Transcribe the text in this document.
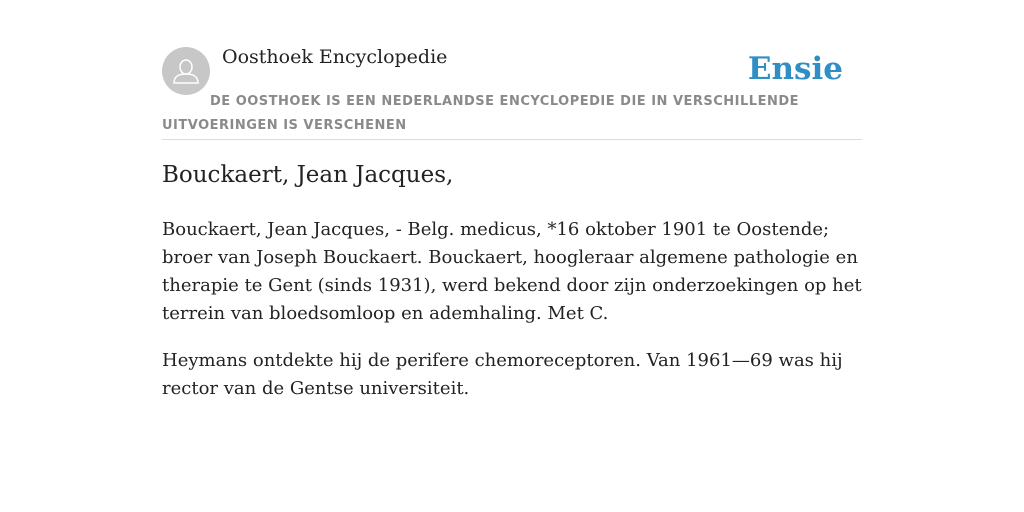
Oosthoek Encyclopedie	Ensie
DE OOSTHOEK IS EEN NEDERLANDSE ENCYCLOPEDIE DIE IN VERSCHILLENDE UITVOERINGEN IS VERSCHENEN
Bouckaert, Jean Jacques,

Bouckaert, Jean Jacques, - Belg. medicus, *16 oktober 1901 te Oostende; broer van Joseph Bouckaert. Bouckaert, hoogleraar algemene pathologie en therapie te Gent (sinds 1931), werd bekend door zijn onderzoekingen op het terrein van bloedsomloop en ademhaling. Met C.

Heymans ontdekte hij de perifere chemoreceptoren. Van 1961—69 was hij rector van de Gentse universiteit.
